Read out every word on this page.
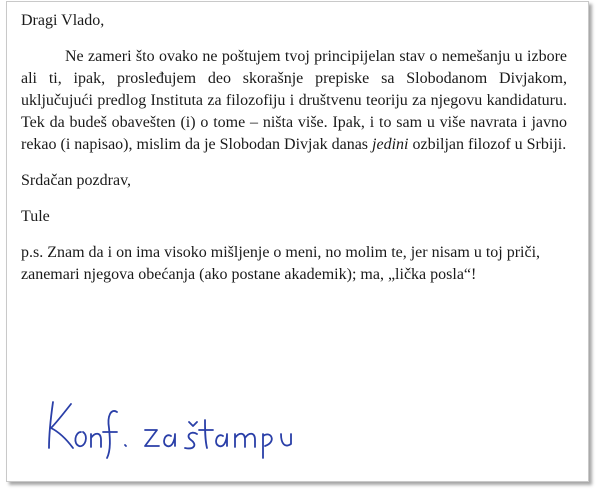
Dragi Vlado,

Ne zameri što ovako ne poštujem tvoj principijelan stav o nemešanju u izbore ali ti, ipak, prosleđujem deo skorašnje prepiske sa Slobodanom Divjakom, uključujući predlog Instituta za filozofiju i društvenu teoriju za njegovu kandidaturu. Tek da budeš obavešten (i) o tome – ništa više. Ipak, i to sam u više navrata i javno rekao (i napisao), mislim da je Slobodan Divjak danas jedini ozbiljan filozof u Srbiji.

Srdačan pozdrav,

Tule

p.s. Znam da i on ima visoko mišljenje o meni, no molim te, jer nisam u toj priči, zanemari njegova obećanja (ako postane akademik); ma, „lička posla“!
